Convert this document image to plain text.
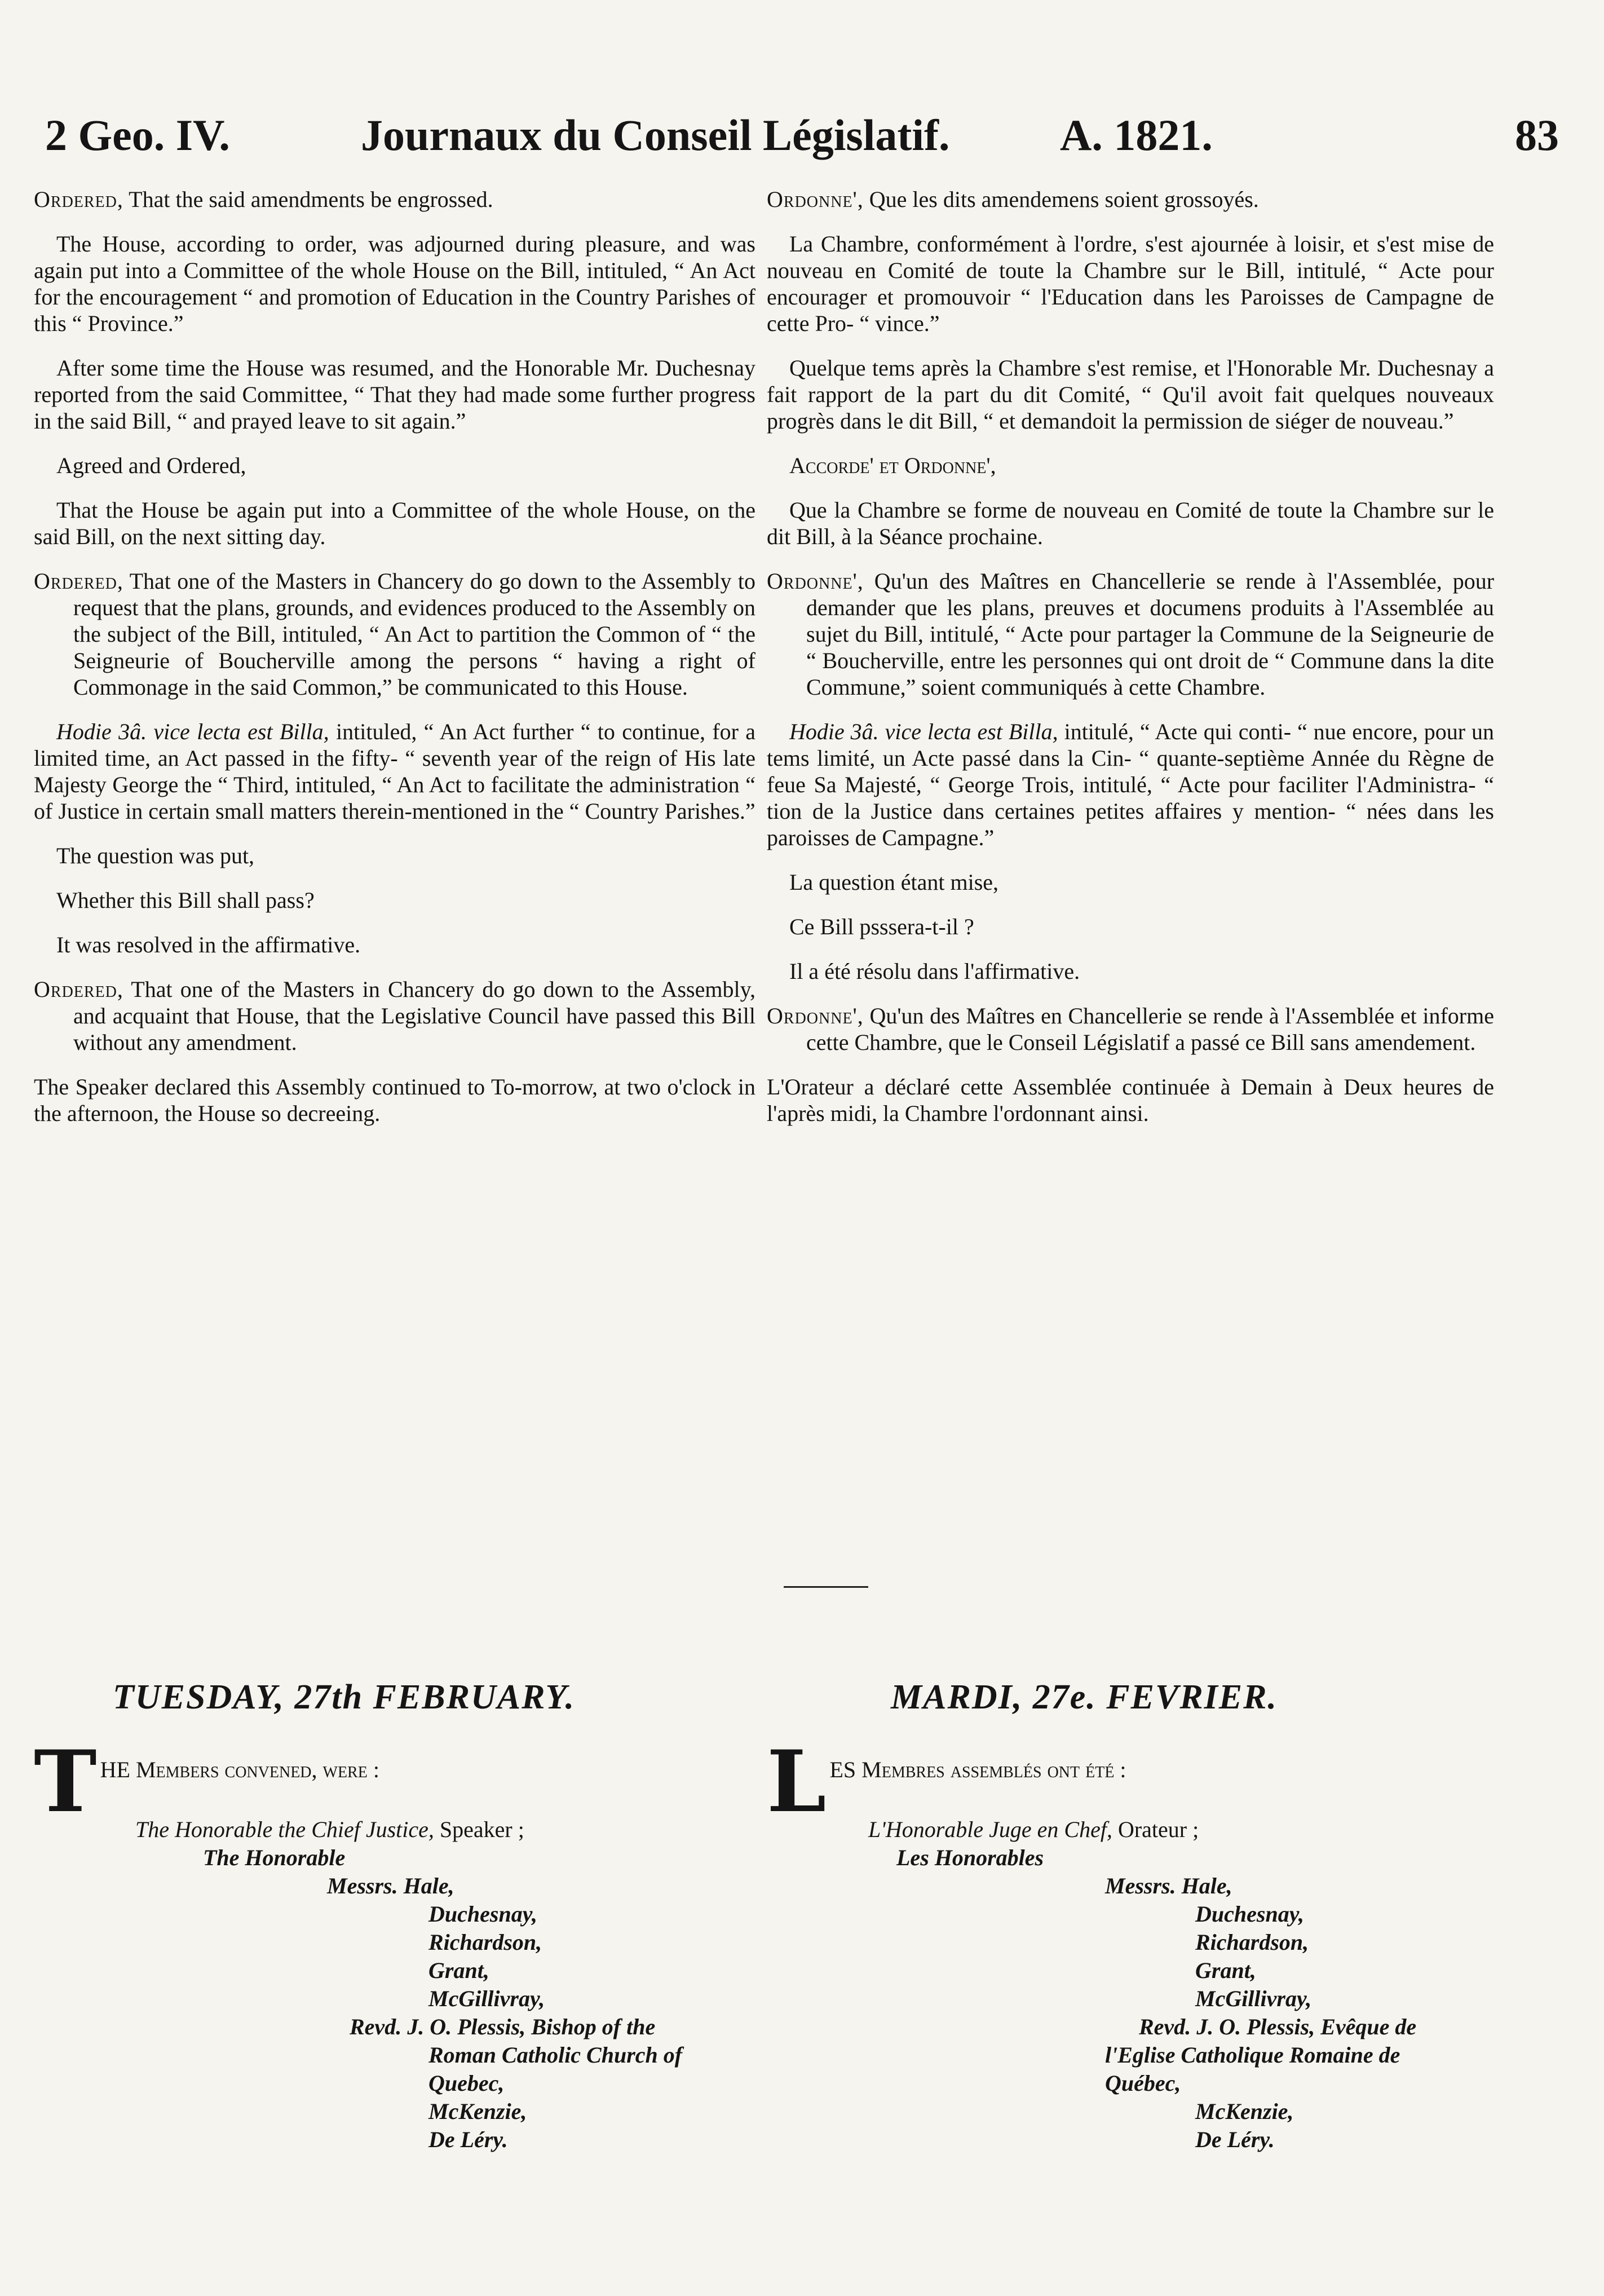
2 Geo. IV.	Journaux du Conseil Législatif.	A. 1821.	83

Ordered, That the said amendments be engrossed.

The House, according to order, was adjourned during pleasure, and was again put into a Committee of the whole House on the Bill, intituled, “ An Act for the encouragement “ and promotion of Education in the Country Parishes of this “ Province.”

After some time the House was resumed, and the Honorable Mr. Duchesnay reported from the said Committee, “ That they had made some further progress in the said Bill, “ and prayed leave to sit again.”

Agreed and Ordered,

That the House be again put into a Committee of the whole House, on the said Bill, on the next sitting day.

Ordered, That one of the Masters in Chancery do go down to the Assembly to request that the plans, grounds, and evidences produced to the Assembly on the subject of the Bill, intituled, “ An Act to partition the Common of “ the Seigneurie of Boucherville among the persons “ having a right of Commonage in the said Common,” be communicated to this House.

Hodie 3â. vice lecta est Billa, intituled, “ An Act further “ to continue, for a limited time, an Act passed in the fifty- “ seventh year of the reign of His late Majesty George the “ Third, intituled, “ An Act to facilitate the administration “ of Justice in certain small matters therein-mentioned in the “ Country Parishes.”

The question was put,

Whether this Bill shall pass?

It was resolved in the affirmative.

Ordered, That one of the Masters in Chancery do go down to the Assembly, and acquaint that House, that the Legislative Council have passed this Bill without any amendment.

The Speaker declared this Assembly continued to To-morrow, at two o'clock in the afternoon, the House so decreeing.

Ordonne', Que les dits amendemens soient grossoyés.

La Chambre, conformément à l'ordre, s'est ajournée à loisir, et s'est mise de nouveau en Comité de toute la Chambre sur le Bill, intitulé, “ Acte pour encourager et promouvoir “ l'Education dans les Paroisses de Campagne de cette Pro- “ vince.”

Quelque tems après la Chambre s'est remise, et l'Honorable Mr. Duchesnay a fait rapport de la part du dit Comité, “ Qu'il avoit fait quelques nouveaux progrès dans le dit Bill, “ et demandoit la permission de siéger de nouveau.”

Accorde' et Ordonne',

Que la Chambre se forme de nouveau en Comité de toute la Chambre sur le dit Bill, à la Séance prochaine.

Ordonne', Qu'un des Maîtres en Chancellerie se rende à l'Assemblée, pour demander que les plans, preuves et documens produits à l'Assemblée au sujet du Bill, intitulé, “ Acte pour partager la Commune de la Seigneurie de “ Boucherville, entre les personnes qui ont droit de “ Commune dans la dite Commune,” soient communiqués à cette Chambre.

Hodie 3â. vice lecta est Billa, intitulé, “ Acte qui conti- “ nue encore, pour un tems limité, un Acte passé dans la Cin- “ quante-septième Année du Règne de feue Sa Majesté, “ George Trois, intitulé, “ Acte pour faciliter l'Administra- “ tion de la Justice dans certaines petites affaires y mention- “ nées dans les paroisses de Campagne.”

La question étant mise,

Ce Bill psssera-t-il ?

Il a été résolu dans l'affirmative.

Ordonne', Qu'un des Maîtres en Chancellerie se rende à l'Assemblée et informe cette Chambre, que le Conseil Législatif a passé ce Bill sans amendement.

L'Orateur a déclaré cette Assemblée continuée à Demain à Deux heures de l'après midi, la Chambre l'ordonnant ainsi.

TUESDAY, 27th FEBRUARY.	MARDI, 27e. FEVRIER.
T HE Members convened, were :
The Honorable the Chief Justice, Speaker ;
The Honorable
Messrs. Hale,
Duchesnay,
Richardson,
Grant,
McGillivray,
Revd. J. O. Plessis, Bishop of the
Roman Catholic Church of
Quebec,
McKenzie,
De Léry.
L ES Membres assemblés ont été :
L'Honorable Juge en Chef, Orateur ;
Les Honorables
Messrs. Hale,
Duchesnay,
Richardson,
Grant,
McGillivray,
Revd. J. O. Plessis, Evêque de
l'Eglise Catholique Romaine de
Québec,
McKenzie,
De Léry.
